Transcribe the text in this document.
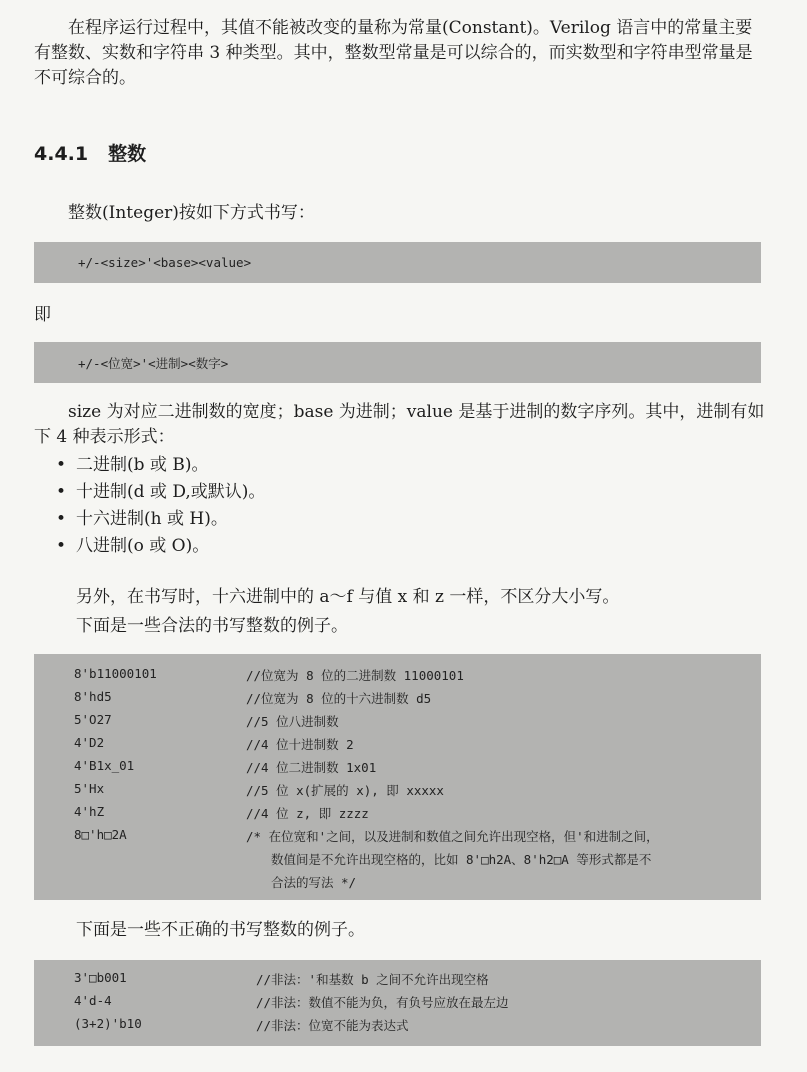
在程序运行过程中，其值不能被改变的量称为常量(Constant)。Verilog 语言中的常量主要有整数、实数和字符串 3 种类型。其中，整数型常量是可以综合的，而实数型和字符串型常量是不可综合的。

4.4.1 整数

整数(Integer)按如下方式书写：

+/-<size>'<base><value>

即

+/-<位宽>'<进制><数字>

size 为对应二进制数的宽度；base 为进制；value 是基于进制的数字序列。其中，进制有如下 4 种表示形式：

• 二进制(b 或 B)。
• 十进制(d 或 D,或默认)。
• 十六进制(h 或 H)。
• 八进制(o 或 O)。

另外，在书写时，十六进制中的 a～f 与值 x 和 z 一样，不区分大小写。

下面是一些合法的书写整数的例子。

8'b11000101	//位宽为 8 位的二进制数 11000101
8'hd5	//位宽为 8 位的十六进制数 d5
5'O27	//5 位八进制数
4'D2	//4 位十进制数 2
4'B1x_01	//4 位二进制数 1x01
5'Hx	//5 位 x(扩展的 x), 即 xxxxx
4'hZ	//4 位 z, 即 zzzz
8□'h□2A	/* 在位宽和'之间，以及进制和数值之间允许出现空格，但'和进制之间，
数值间是不允许出现空格的，比如 8'□h2A、8'h2□A 等形式都是不
合法的写法 */

下面是一些不正确的书写整数的例子。

3'□b001	//非法：'和基数 b 之间不允许出现空格
4'd-4	//非法：数值不能为负，有负号应放在最左边
(3+2)'b10	//非法：位宽不能为表达式
